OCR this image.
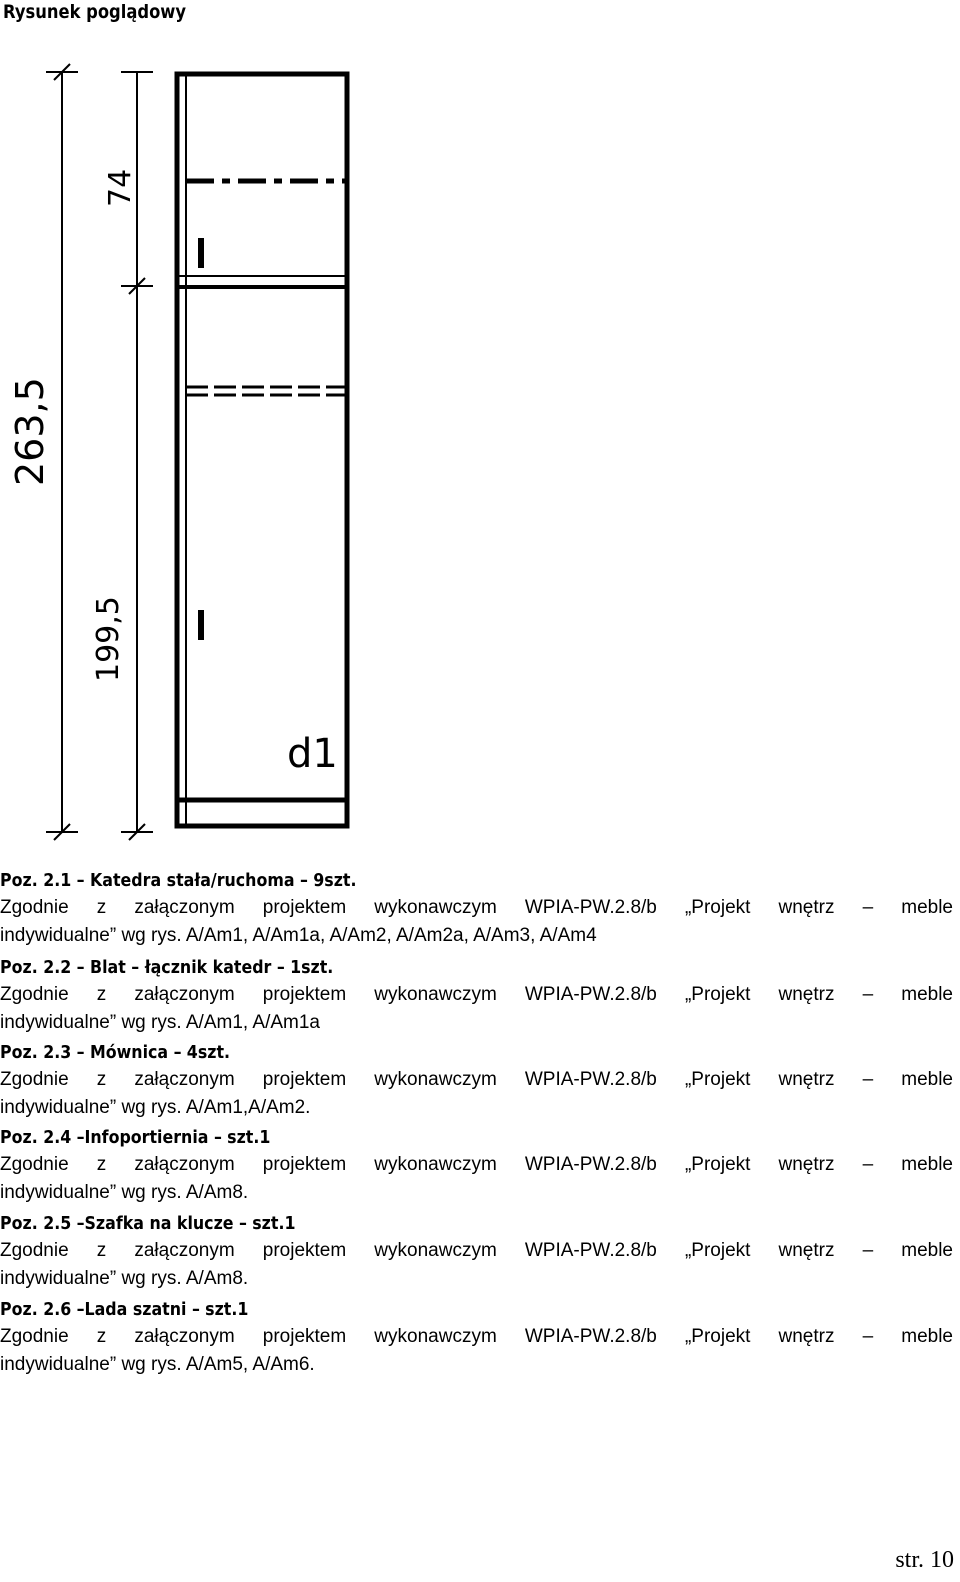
Rysunek poglądowy
263,5
74
199,5
d1
Poz. 2.1 – Katedra stała/ruchoma – 9szt.
Zgodnie z załączonym projektem wykonawczym WPIA-PW.2.8/b „Projekt wnętrz – meble
indywidualne” wg rys. A/Am1, A/Am1a, A/Am2, A/Am2a, A/Am3, A/Am4
Poz. 2.2 – Blat – łącznik katedr – 1szt.
Zgodnie z załączonym projektem wykonawczym WPIA-PW.2.8/b „Projekt wnętrz – meble
indywidualne” wg rys. A/Am1, A/Am1a
Poz. 2.3 – Mównica – 4szt.
Zgodnie z załączonym projektem wykonawczym WPIA-PW.2.8/b „Projekt wnętrz – meble
indywidualne” wg rys. A/Am1,A/Am2.
Poz. 2.4 –Infoportiernia – szt.1
Zgodnie z załączonym projektem wykonawczym WPIA-PW.2.8/b „Projekt wnętrz – meble
indywidualne” wg rys. A/Am8.
Poz. 2.5 –Szafka na klucze – szt.1
Zgodnie z załączonym projektem wykonawczym WPIA-PW.2.8/b „Projekt wnętrz – meble
indywidualne” wg rys. A/Am8.
Poz. 2.6 –Lada szatni – szt.1
Zgodnie z załączonym projektem wykonawczym WPIA-PW.2.8/b „Projekt wnętrz – meble
indywidualne” wg rys. A/Am5, A/Am6.
str. 10
